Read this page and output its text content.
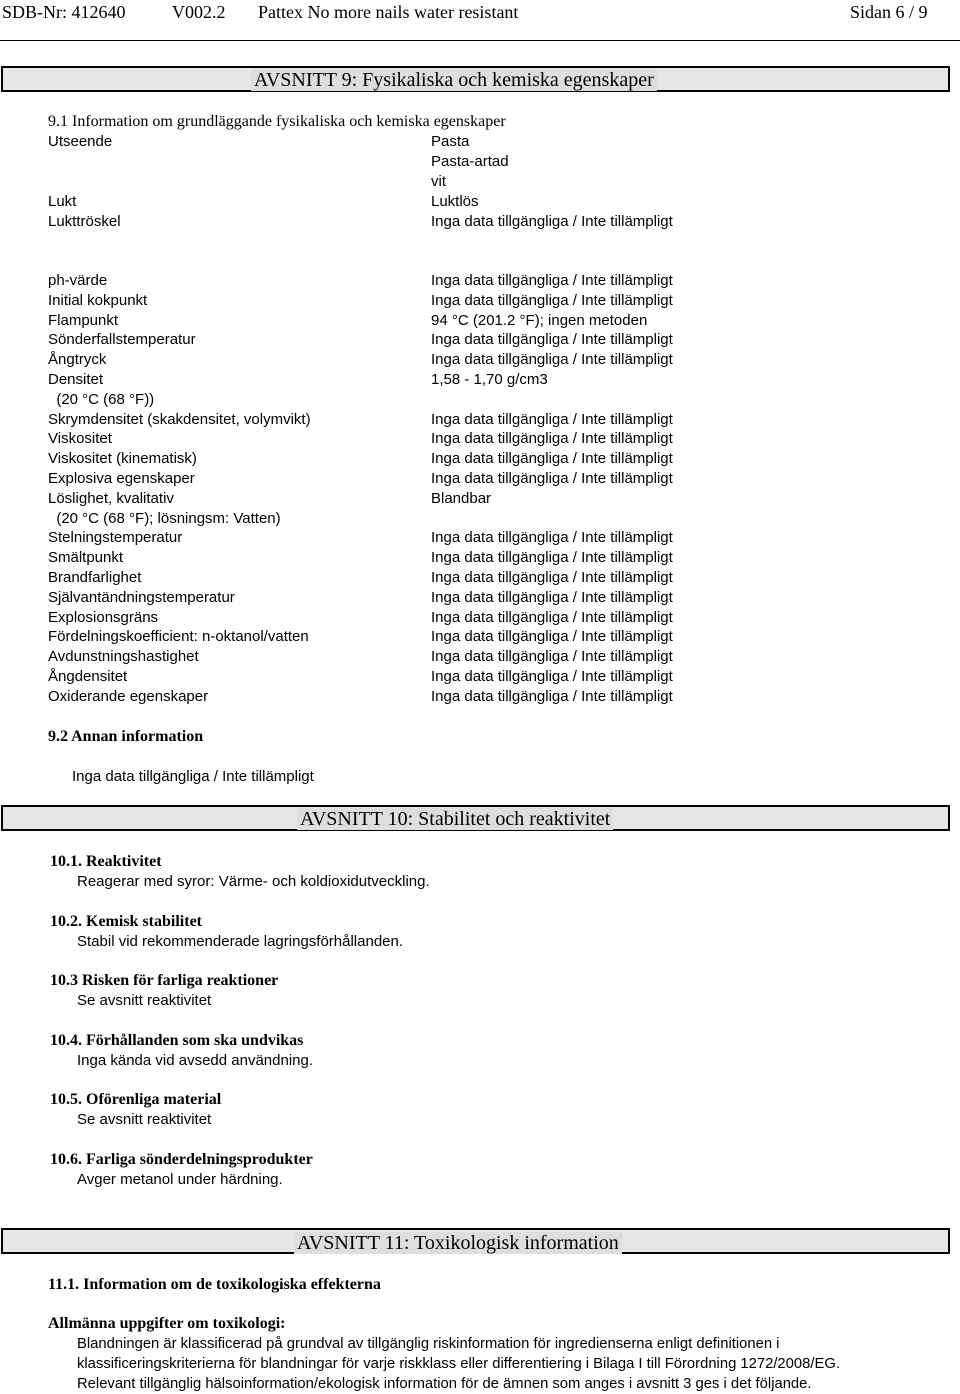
SDB-Nr: 412640	V002.2 Pattex No more nails water resistant	Sidan 6 / 9
AVSNITT 9: Fysikaliska och kemiska egenskaper
9.1 Information om grundläggande fysikaliska och kemiska egenskaper
Utseende	Pasta
Pasta-artad
vit
Lukt	Luktlös
Lukttröskel	Inga data tillgängliga / Inte tillämpligt
ph-värde	Inga data tillgängliga / Inte tillämpligt
Initial kokpunkt	Inga data tillgängliga / Inte tillämpligt
Flampunkt	94 °C (201.2 °F); ingen metoden
Sönderfallstemperatur	Inga data tillgängliga / Inte tillämpligt
Ångtryck	Inga data tillgängliga / Inte tillämpligt
Densitet	1,58 - 1,70 g/cm3
(20 °C (68 °F))
Skrymdensitet (skakdensitet, volymvikt)	Inga data tillgängliga / Inte tillämpligt
Viskositet	Inga data tillgängliga / Inte tillämpligt
Viskositet (kinematisk)	Inga data tillgängliga / Inte tillämpligt
Explosiva egenskaper	Inga data tillgängliga / Inte tillämpligt
Löslighet, kvalitativ	Blandbar
(20 °C (68 °F); lösningsm: Vatten)
Stelningstemperatur	Inga data tillgängliga / Inte tillämpligt
Smältpunkt	Inga data tillgängliga / Inte tillämpligt
Brandfarlighet	Inga data tillgängliga / Inte tillämpligt
Självantändningstemperatur	Inga data tillgängliga / Inte tillämpligt
Explosionsgräns	Inga data tillgängliga / Inte tillämpligt
Fördelningskoefficient: n-oktanol/vatten	Inga data tillgängliga / Inte tillämpligt
Avdunstningshastighet	Inga data tillgängliga / Inte tillämpligt
Ångdensitet	Inga data tillgängliga / Inte tillämpligt
Oxiderande egenskaper	Inga data tillgängliga / Inte tillämpligt
9.2 Annan information
Inga data tillgängliga / Inte tillämpligt
AVSNITT 10: Stabilitet och reaktivitet
10.1. Reaktivitet
Reagerar med syror: Värme- och koldioxidutveckling.
10.2. Kemisk stabilitet
Stabil vid rekommenderade lagringsförhållanden.
10.3 Risken för farliga reaktioner
Se avsnitt reaktivitet
10.4. Förhållanden som ska undvikas
Inga kända vid avsedd användning.
10.5. Oförenliga material
Se avsnitt reaktivitet
10.6. Farliga sönderdelningsprodukter
Avger metanol under härdning.
AVSNITT 11: Toxikologisk information
11.1. Information om de toxikologiska effekterna
Allmänna uppgifter om toxikologi:
Blandningen är klassificerad på grundval av tillgänglig riskinformation för ingredienserna enligt definitionen i
klassificeringskriterierna för blandningar för varje riskklass eller differentiering i Bilaga I till Förordning 1272/2008/EG.
Relevant tillgänglig hälsoinformation/ekologisk information för de ämnen som anges i avsnitt 3 ges i det följande.
